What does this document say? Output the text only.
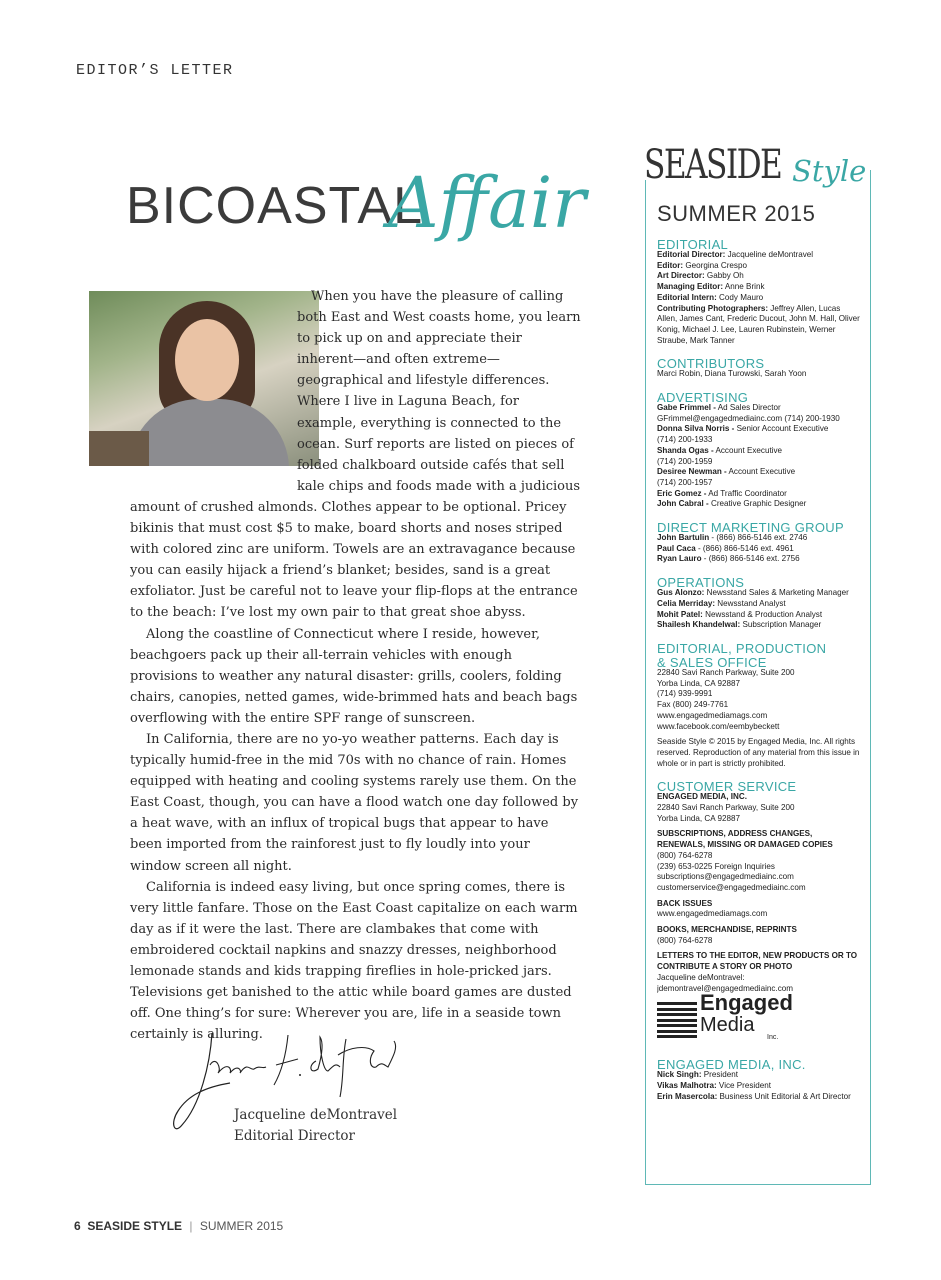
EDITOR’S LETTER
BICOASTAL
Affair

When you have the pleasure of calling both East and West coasts home, you learn to pick up on and appreciate their inherent—and often extreme—geographical and lifestyle differences. Where I live in Laguna Beach, for example, everything is connected to the ocean. Surf reports are listed on pieces of folded chalkboard outside cafés that sell kale chips and foods made with a judicious amount of crushed almonds. Clothes appear to be optional. Pricey bikinis that must cost $5 to make, board shorts and noses striped with colored zinc are uniform. Towels are an extravagance because you can easily hijack a friend’s blanket; besides, sand is a great exfoliator. Just be careful not to leave your flip-flops at the entrance to the beach: I’ve lost my own pair to that great shoe abyss.

Along the coastline of Connecticut where I reside, however, beachgoers pack up their all-terrain vehicles with enough provisions to weather any natural disaster: grills, coolers, folding chairs, canopies, netted games, wide-brimmed hats and beach bags overflowing with the entire SPF range of sunscreen.

In California, there are no yo-yo weather patterns. Each day is typically humid-free in the mid 70s with no chance of rain. Homes equipped with heating and cooling systems rarely use them. On the East Coast, though, you can have a flood watch one day followed by a heat wave, with an influx of tropical bugs that appear to have been imported from the rainforest just to fly loudly into your window screen all night.

California is indeed easy living, but once spring comes, there is very little fanfare. Those on the East Coast capitalize on each warm day as if it were the last. There are clambakes that come with embroidered cocktail napkins and snazzy dresses, neighborhood lemonade stands and kids trapping fireflies in hole-pricked jars. Televisions get banished to the attic while board games are dusted off. One thing’s for sure: Wherever you are, life in a seaside town certainly is alluring.

Jacqueline deMontravel
Editorial Director
6 SEASIDE STYLE | SUMMER 2015
SEASIDE Style
SUMMER 2015
EDITORIAL
Editorial Director: Jacqueline deMontravel
Editor: Georgina Crespo
Art Director: Gabby Oh
Managing Editor: Anne Brink
Editorial Intern: Cody Mauro
Contributing Photographers: Jeffrey Allen, Lucas Allen, James Cant, Frederic Ducout, John M. Hall, Oliver Konig, Michael J. Lee, Lauren Rubinstein, Werner Straube, Mark Tanner
CONTRIBUTORS
Marci Robin, Diana Turowski, Sarah Yoon
ADVERTISING
Gabe Frimmel - Ad Sales Director
GFrimmel@engagedmediainc.com (714) 200-1930
Donna Silva Norris - Senior Account Executive
(714) 200-1933
Shanda Ogas - Account Executive
(714) 200-1959
Desiree Newman - Account Executive
(714) 200-1957
Eric Gomez - Ad Traffic Coordinator
John Cabral - Creative Graphic Designer
DIRECT MARKETING GROUP
John Bartulin - (866) 866-5146 ext. 2746
Paul Caca - (866) 866-5146 ext. 4961
Ryan Lauro - (866) 866-5146 ext. 2756
OPERATIONS
Gus Alonzo: Newsstand Sales & Marketing Manager
Celia Merriday: Newsstand Analyst
Mohit Patel: Newsstand & Production Analyst
Shailesh Khandelwal: Subscription Manager
EDITORIAL, PRODUCTION
& SALES OFFICE
22840 Savi Ranch Parkway, Suite 200
Yorba Linda, CA 92887
(714) 939-9991
Fax (800) 249-7761
www.engagedmediamags.com
www.facebook.com/eembybeckett
Seaside Style © 2015 by Engaged Media, Inc. All rights reserved. Reproduction of any material from this issue in whole or in part is strictly prohibited.
CUSTOMER SERVICE
ENGAGED MEDIA, INC.
22840 Savi Ranch Parkway, Suite 200
Yorba Linda, CA 92887
SUBSCRIPTIONS, ADDRESS CHANGES, RENEWALS, MISSING OR DAMAGED COPIES
(800) 764-6278
(239) 653-0225 Foreign Inquiries
subscriptions@engagedmediainc.com
customerservice@engagedmediainc.com
BACK ISSUES
www.engagedmediamags.com
BOOKS, MERCHANDISE, REPRINTS
(800) 764-6278
LETTERS TO THE EDITOR, NEW PRODUCTS OR TO CONTRIBUTE A STORY OR PHOTO
Jacqueline deMontravel:
jdemontravel@engagedmediainc.com
Engaged
Media
Inc.
ENGAGED MEDIA, INC.
Nick Singh: President
Vikas Malhotra: Vice President
Erin Masercola: Business Unit Editorial & Art Director
